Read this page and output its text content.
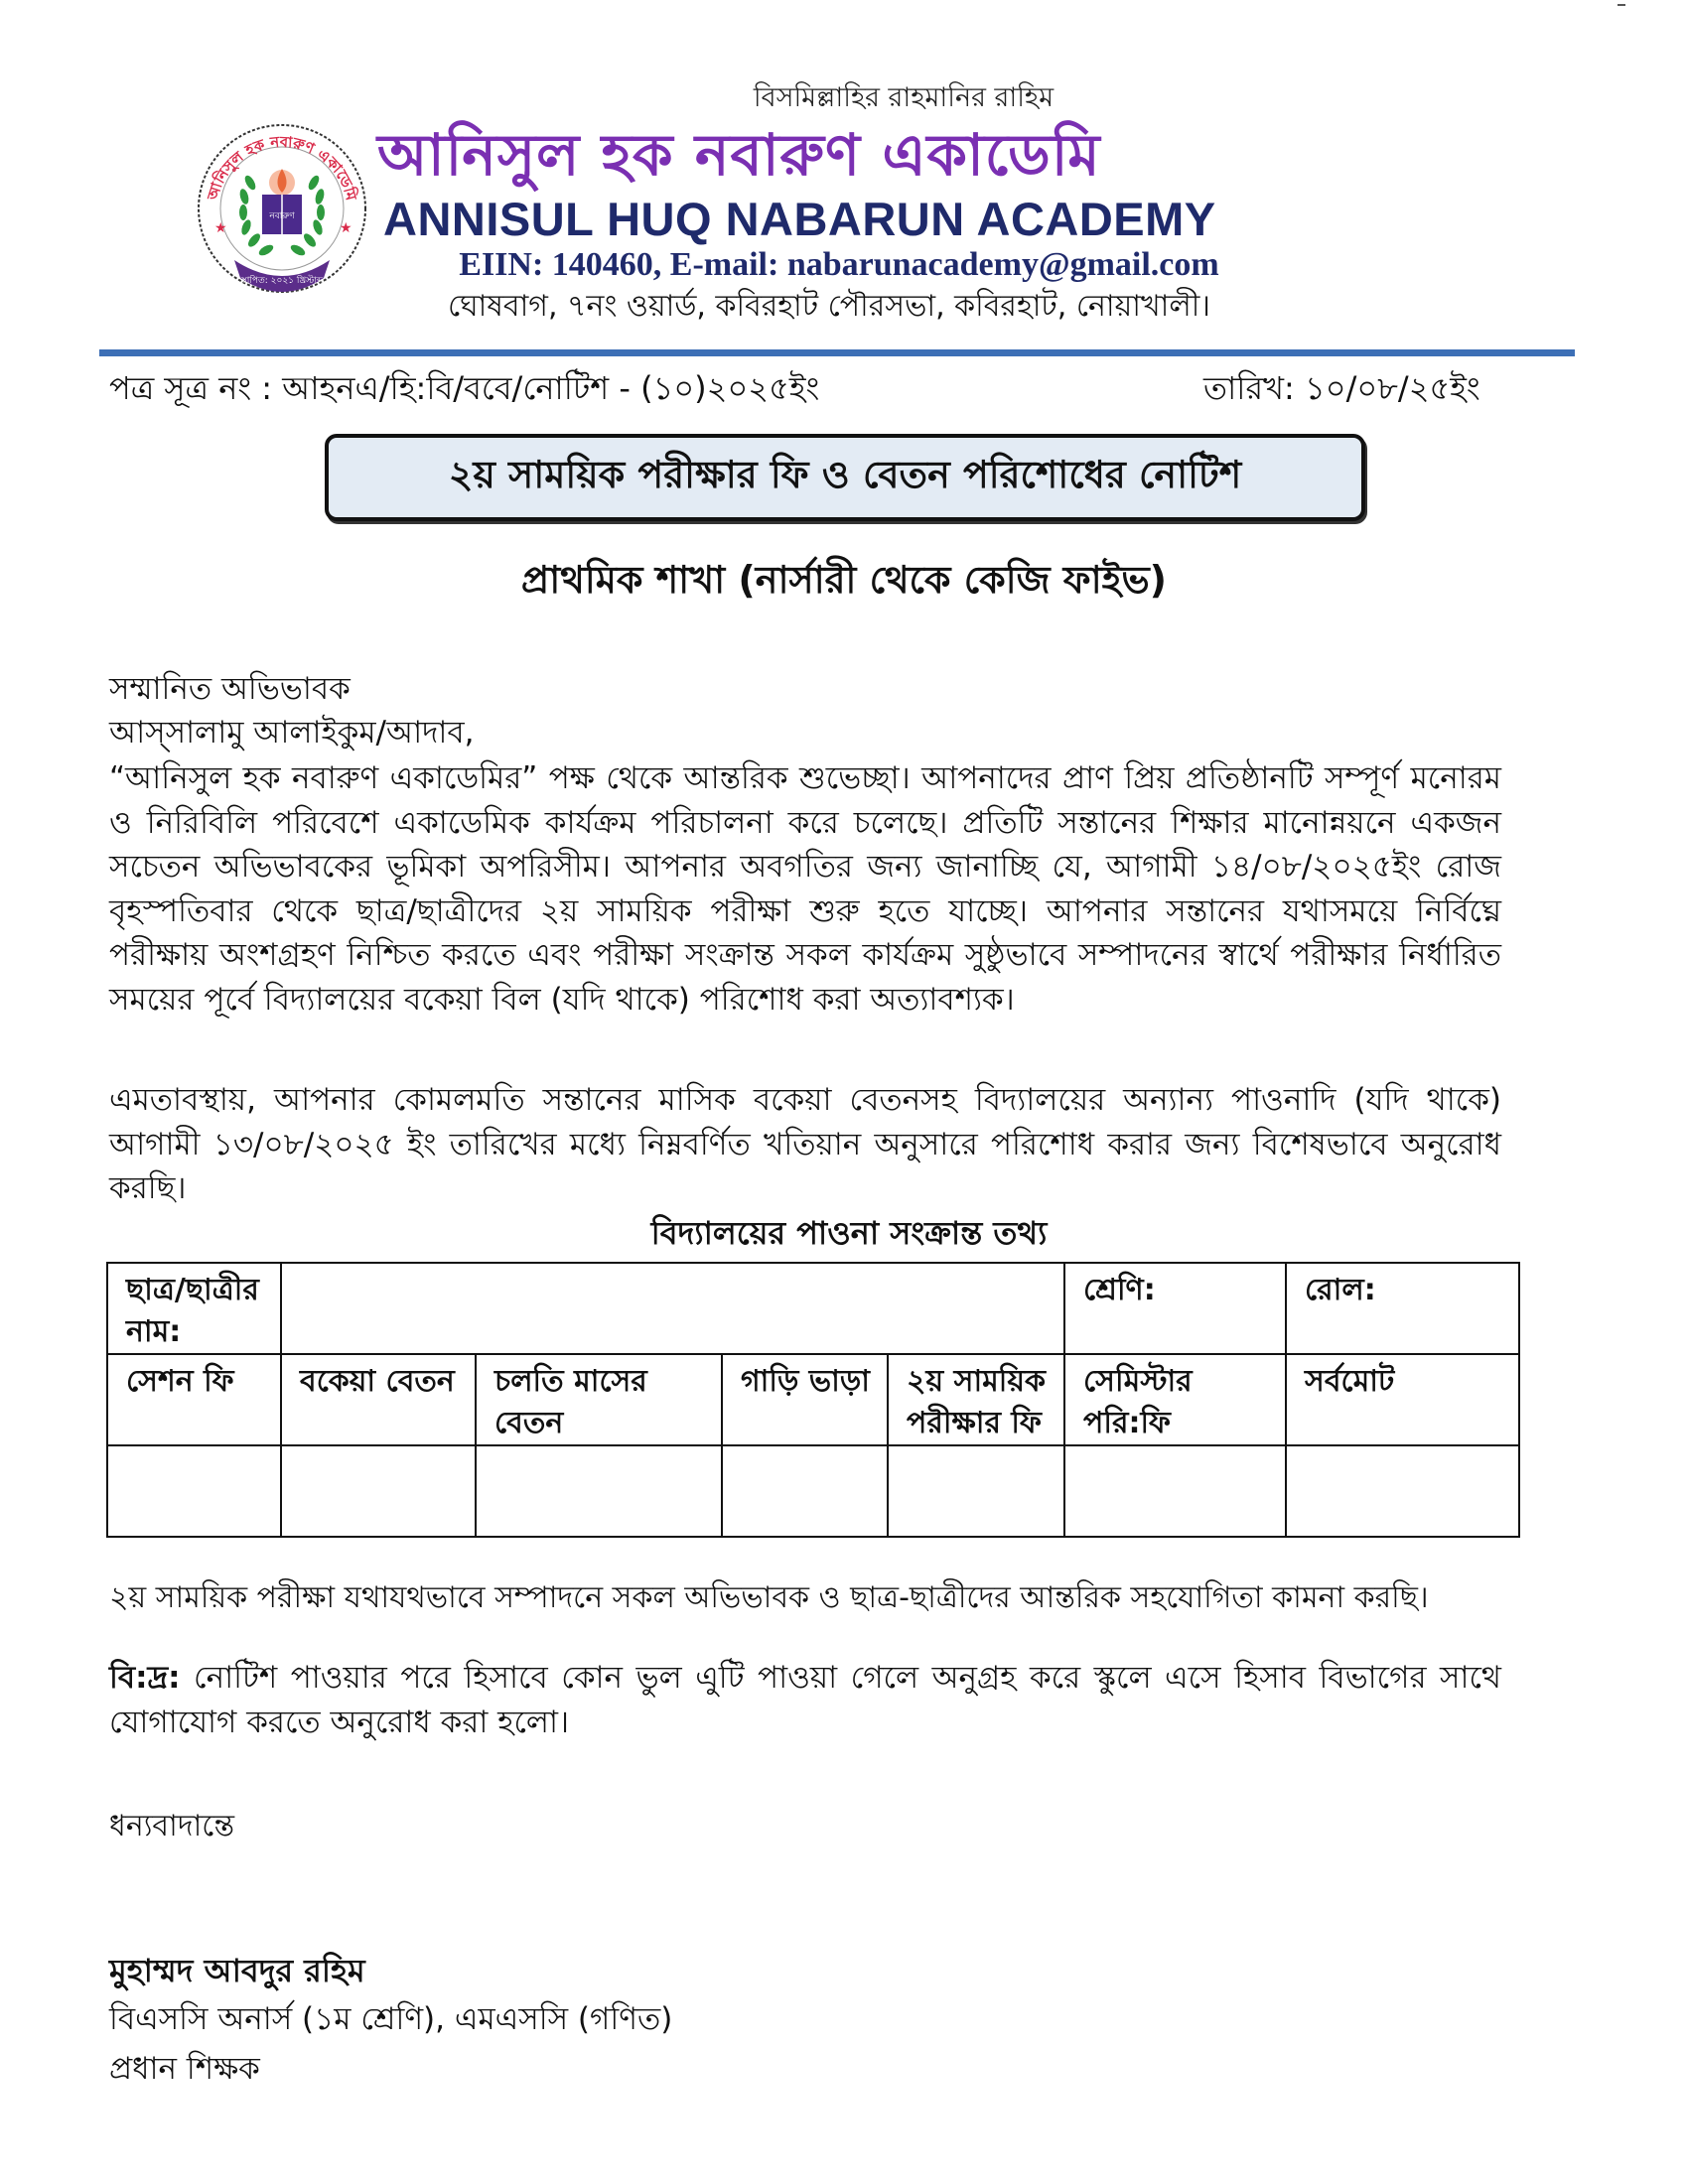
বিসমিল্লাহির রাহমানির রাহিম
আনিসুল হক নবারুণ একাডেমি
★	★
নবারুণ
স্থাপিত: ২০২১ খ্রিস্টাব্দ
আনিসুল হক নবারুণ একাডেমি
ANNISUL HUQ NABARUN ACADEMY
EIIN: 140460, E-mail: nabarunacademy@gmail.com
ঘোষবাগ, ৭নং ওয়ার্ড, কবিরহাট পৌরসভা, কবিরহাট, নোয়াখালী।
পত্র সূত্র নং : আহনএ/হি:বি/ববে/নোটিশ - (১০)২০২৫ইং	তারিখ: ১০/০৮/২৫ইং
২য় সাময়িক পরীক্ষার ফি ও বেতন পরিশোধের নোটিশ
প্রাথমিক শাখা (নার্সারী থেকে কেজি ফাইভ)
সম্মানিত অভিভাবক
আস্‌সালামু আলাইকুম/আদাব,
“আনিসুল হক নবারুণ একাডেমির” পক্ষ থেকে আন্তরিক শুভেচ্ছা। আপনাদের প্রাণ প্রিয় প্রতিষ্ঠানটি সম্পূর্ণ মনোরম ও নিরিবিলি পরিবেশে একাডেমিক কার্যক্রম পরিচালনা করে চলেছে। প্রতিটি সন্তানের শিক্ষার মানোন্নয়নে একজন সচেতন অভিভাবকের ভূমিকা অপরিসীম। আপনার অবগতির জন্য জানাচ্ছি যে, আগামী ১৪/০৮/২০২৫ইং রোজ বৃহস্পতিবার থেকে ছাত্র/ছাত্রীদের ২য় সাময়িক পরীক্ষা শুরু হতে যাচ্ছে। আপনার সন্তানের যথাসময়ে নির্বিঘ্নে পরীক্ষায় অংশগ্রহণ নিশ্চিত করতে এবং পরীক্ষা সংক্রান্ত সকল কার্যক্রম সুষ্ঠুভাবে সম্পাদনের স্বার্থে পরীক্ষার নির্ধারিত সময়ের পূর্বে বিদ্যালয়ের বকেয়া বিল (যদি থাকে) পরিশোধ করা অত্যাবশ্যক।
এমতাবস্থায়, আপনার কোমলমতি সন্তানের মাসিক বকেয়া বেতনসহ বিদ্যালয়ের অন্যান্য পাওনাদি (যদি থাকে) আগামী ১৩/০৮/২০২৫ ইং তারিখের মধ্যে নিম্নবর্ণিত খতিয়ান অনুসারে পরিশোধ করার জন্য বিশেষভাবে অনুরোধ করছি।
বিদ্যালয়ের পাওনা সংক্রান্ত তথ্য
ছাত্র/ছাত্রীর নাম:					শ্রেণি:	রোল:
সেশন ফি	বকেয়া বেতন	চলতি মাসের বেতন	গাড়ি ভাড়া	২য় সাময়িক পরীক্ষার ফি	সেমিস্টার পরি:ফি	সর্বমোট

২য় সাময়িক পরীক্ষা যথাযথভাবে সম্পাদনে সকল অভিভাবক ও ছাত্র-ছাত্রীদের আন্তরিক সহযোগিতা কামনা করছি।
বি:দ্র: নোটিশ পাওয়ার পরে হিসাবে কোন ভুল এুটি পাওয়া গেলে অনুগ্রহ করে স্কুলে এসে হিসাব বিভাগের সাথে যোগাযোগ করতে অনুরোধ করা হলো।
ধন্যবাদান্তে
মুহাম্মদ আবদুর রহিম
বিএসসি অনার্স (১ম শ্রেণি), এমএসসি (গণিত)
প্রধান শিক্ষক
